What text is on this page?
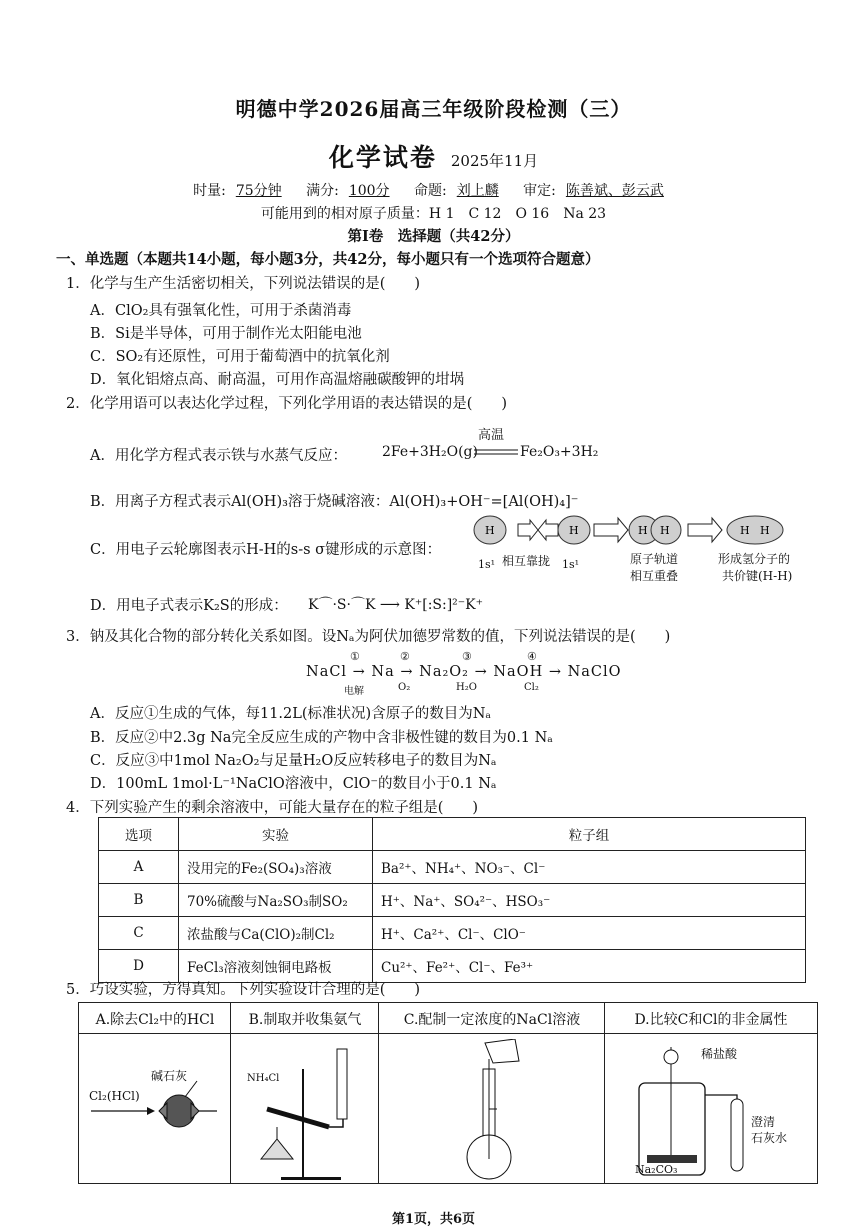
明德中学2026届高三年级阶段检测（三）
化学试卷 2025年11月
时量: 75分钟 满分: 100分 命题: 刘上麟 审定: 陈善斌、彭云武
可能用到的相对原子质量：H 1　C 12　O 16　Na 23
第Ⅰ卷　选择题（共42分）
一、单选题（本题共14小题，每小题3分，共42分，每小题只有一个选项符合题意）
1．化学与生产生活密切相关，下列说法错误的是(　　)
A．ClO₂具有强氧化性，可用于杀菌消毒
B．Si是半导体，可用于制作光太阳能电池
C．SO₂有还原性，可用于葡萄酒中的抗氧化剂
D．氧化铝熔点高、耐高温，可用作高温熔融碳酸钾的坩埚
2．化学用语可以表达化学过程，下列化学用语的表达错误的是(　　)
A．用化学方程式表示铁与水蒸气反应：	2Fe+3H₂O(g)
高温
Fe₂O₃+3H₂
B．用离子方程式表示Al(OH)₃溶于烧碱溶液：Al(OH)₃+OH⁻=[Al(OH)₄]⁻
C．用电子云轮廓图表示H-H的s-s σ键形成的示意图：
H	H	H H	H H
1s¹ 相互靠拢 1s¹	原子轨道
相互重叠
形成氢分子的
共价键(H-H)
D．用电子式表示K₂S的形成： K⌒·S·⌒K ⟶ K⁺[:S:]²⁻K⁺
3．钠及其化合物的部分转化关系如图。设Nₐ为阿伏加德罗常数的值，下列说法错误的是(　　)
NaCl → Na → Na₂O₂ → NaOH → NaClO
①
电解
②
O₂
③
H₂O
④
Cl₂
A．反应①生成的气体，每11.2L(标准状况)含原子的数目为Nₐ
B．反应②中2.3g Na完全反应生成的产物中含非极性键的数目为0.1 Nₐ
C．反应③中1mol Na₂O₂与足量H₂O反应转移电子的数目为Nₐ
D．100mL 1mol·L⁻¹NaClO溶液中，ClO⁻的数目小于0.1 Nₐ
4．下列实验产生的剩余溶液中，可能大量存在的粒子组是(　　)
选项	实验	粒子组
A	没用完的Fe₂(SO₄)₃溶液	Ba²⁺、NH₄⁺、NO₃⁻、Cl⁻
B	70%硫酸与Na₂SO₃制SO₂	H⁺、Na⁺、SO₄²⁻、HSO₃⁻
C	浓盐酸与Ca(ClO)₂制Cl₂	H⁺、Ca²⁺、Cl⁻、ClO⁻
D	FeCl₃溶液刻蚀铜电路板	Cu²⁺、Fe²⁺、Cl⁻、Fe³⁺
5．巧设实验，方得真知。下列实验设计合理的是(　　)
A.除去Cl₂中的HCl	B.制取并收集氨气	C.配制一定浓度的NaCl溶液	D.比较C和Cl的非金属性
Cl₂(HCl)
碱石灰	NH₄Cl
稀盐酸
澄清
石灰水
Na₂CO₃
第1页，共6页
